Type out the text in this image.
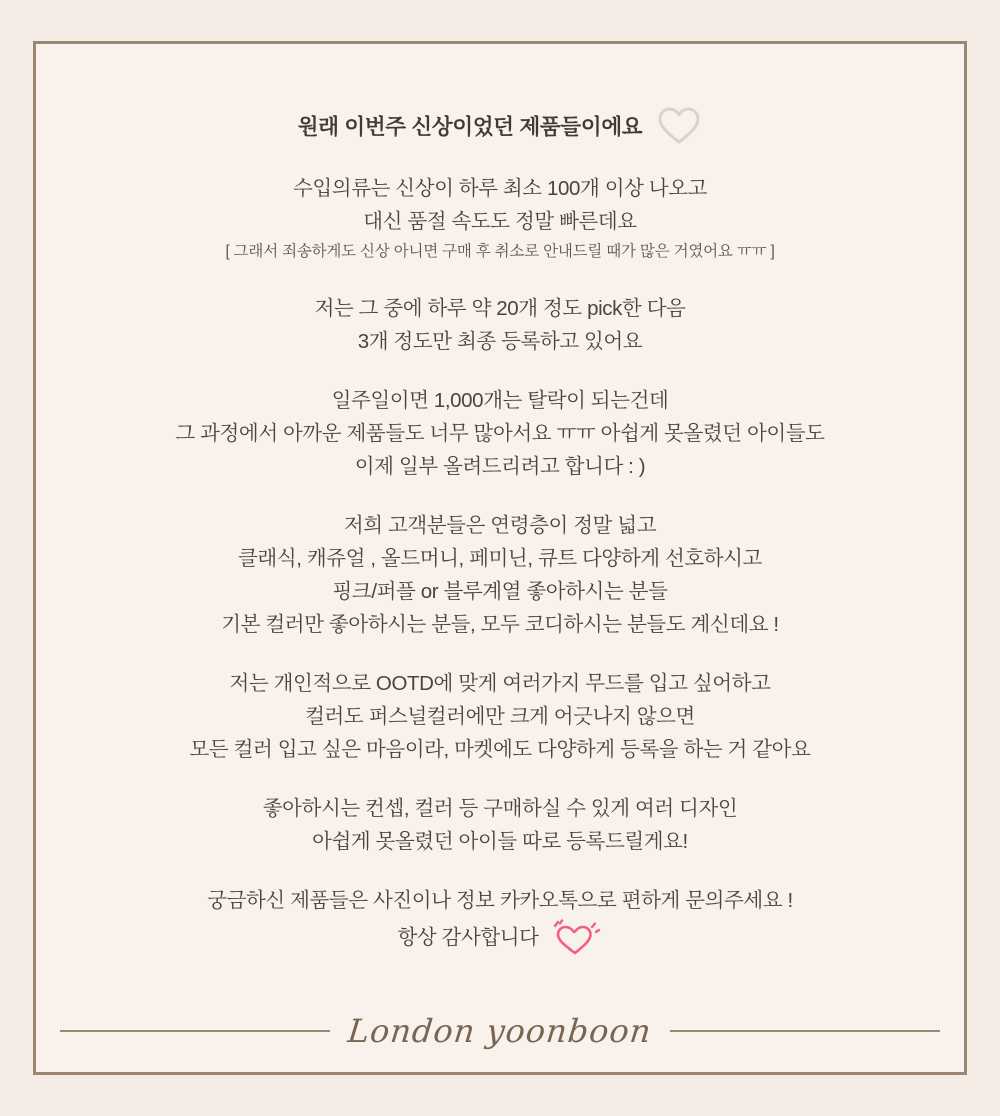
원래 이번주 신상이었던 제품들이에요
수입의류는 신상이 하루 최소 100개 이상 나오고
대신 품절 속도도 정말 빠른데요
[ 그래서 죄송하게도 신상 아니면 구매 후 취소로 안내드릴 때가 많은 거였어요 ㅠㅠ ]
저는 그 중에 하루 약 20개 정도 pick한 다음
3개 정도만 최종 등록하고 있어요
일주일이면 1,000개는 탈락이 되는건데
그 과정에서 아까운 제품들도 너무 많아서요 ㅠㅠ 아쉽게 못올렸던 아이들도
이제 일부 올려드리려고 합니다 : )
저희 고객분들은 연령층이 정말 넓고
클래식, 캐쥬얼 , 올드머니, 페미닌, 큐트 다양하게 선호하시고
핑크/퍼플 or 블루계열 좋아하시는 분들
기본 컬러만 좋아하시는 분들, 모두 코디하시는 분들도 계신데요 !
저는 개인적으로 OOTD에 맞게 여러가지 무드를 입고 싶어하고
컬러도 퍼스널컬러에만 크게 어긋나지 않으면
모든 컬러 입고 싶은 마음이라, 마켓에도 다양하게 등록을 하는 거 같아요
좋아하시는 컨셉, 컬러 등 구매하실 수 있게 여러 디자인
아쉽게 못올렸던 아이들 따로 등록드릴게요!
궁금하신 제품들은 사진이나 정보 카카오톡으로 편하게 문의주세요 !
항상 감사합니다
London yoonboon
